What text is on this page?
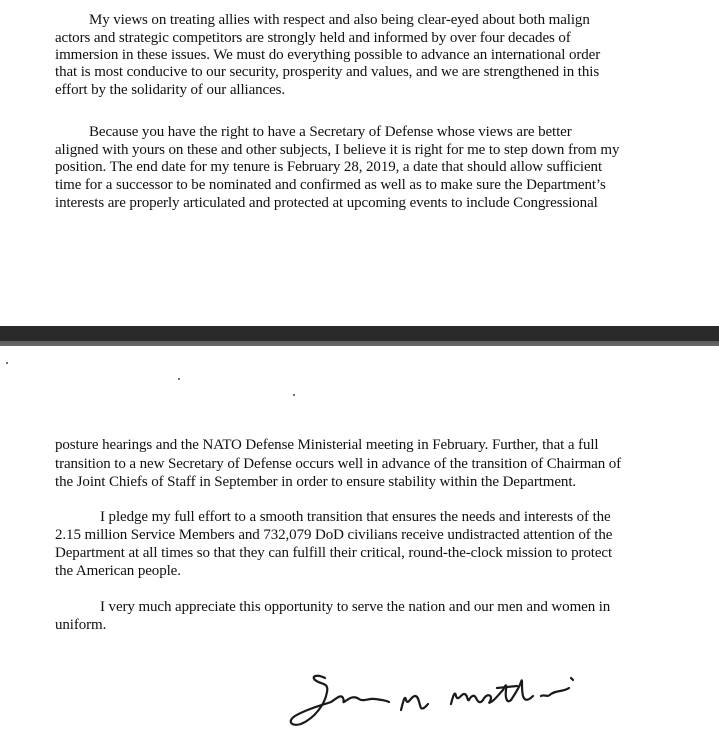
My views on treating allies with respect and also being clear-eyed about both malign
actors and strategic competitors are strongly held and informed by over four decades of
immersion in these issues. We must do everything possible to advance an international order
that is most conducive to our security, prosperity and values, and we are strengthened in this
effort by the solidarity of our alliances.
Because you have the right to have a Secretary of Defense whose views are better
aligned with yours on these and other subjects, I believe it is right for me to step down from my
position. The end date for my tenure is February 28, 2019, a date that should allow sufficient
time for a successor to be nominated and confirmed as well as to make sure the Department’s
interests are properly articulated and protected at upcoming events to include Congressional
posture hearings and the NATO Defense Ministerial meeting in February. Further, that a full
transition to a new Secretary of Defense occurs well in advance of the transition of Chairman of
the Joint Chiefs of Staff in September in order to ensure stability within the Department.
I pledge my full effort to a smooth transition that ensures the needs and interests of the
2.15 million Service Members and 732,079 DoD civilians receive undistracted attention of the
Department at all times so that they can fulfill their critical, round-the-clock mission to protect
the American people.
I very much appreciate this opportunity to serve the nation and our men and women in
uniform.
